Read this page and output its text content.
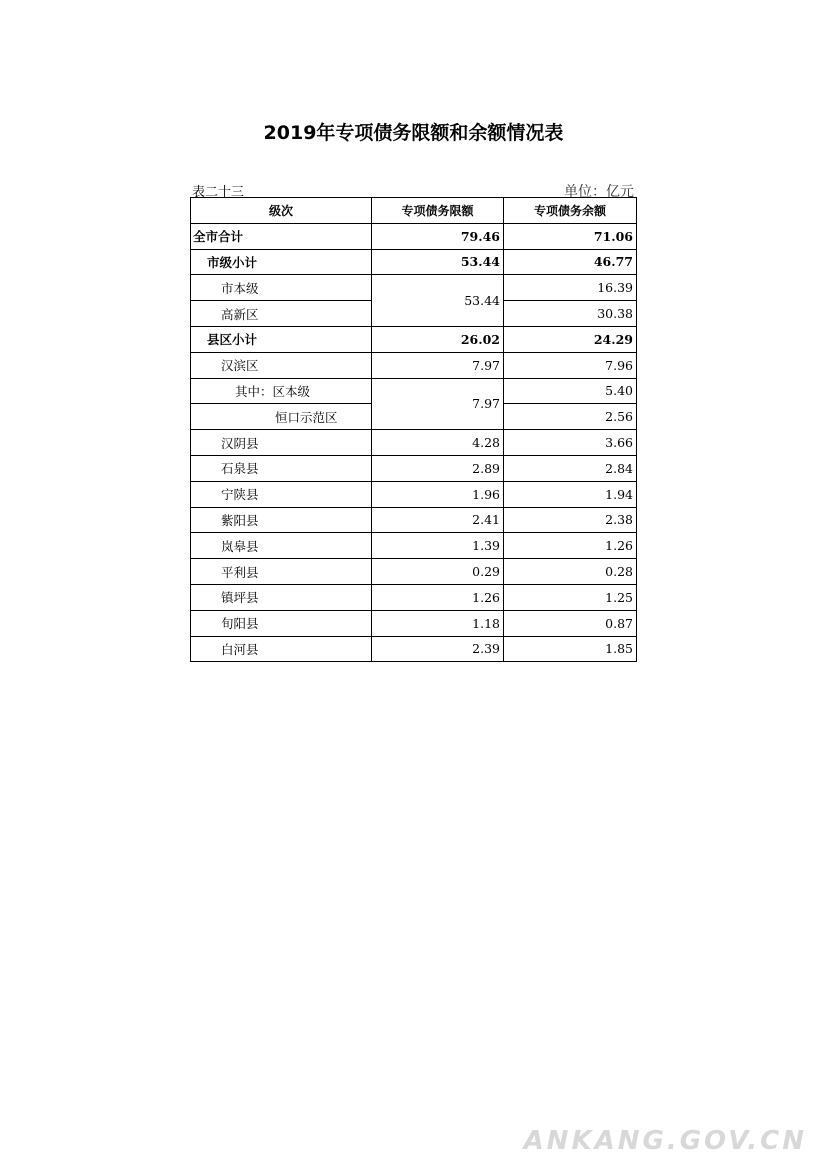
2019年专项债务限额和余额情况表
表二十三	单位：亿元
级次	专项债务限额	专项债务余额
全市合计	79.46	71.06
市级小计	53.44	46.77
市本级	53.44	16.39
高新区		30.38
县区小计	26.02	24.29
汉滨区	7.97	7.96
其中：区本级	7.97	5.40
恒口示范区		2.56
汉阴县	4.28	3.66
石泉县	2.89	2.84
宁陕县	1.96	1.94
紫阳县	2.41	2.38
岚皋县	1.39	1.26
平利县	0.29	0.28
镇坪县	1.26	1.25
旬阳县	1.18	0.87
白河县	2.39	1.85
ANKANG.GOV.CN
